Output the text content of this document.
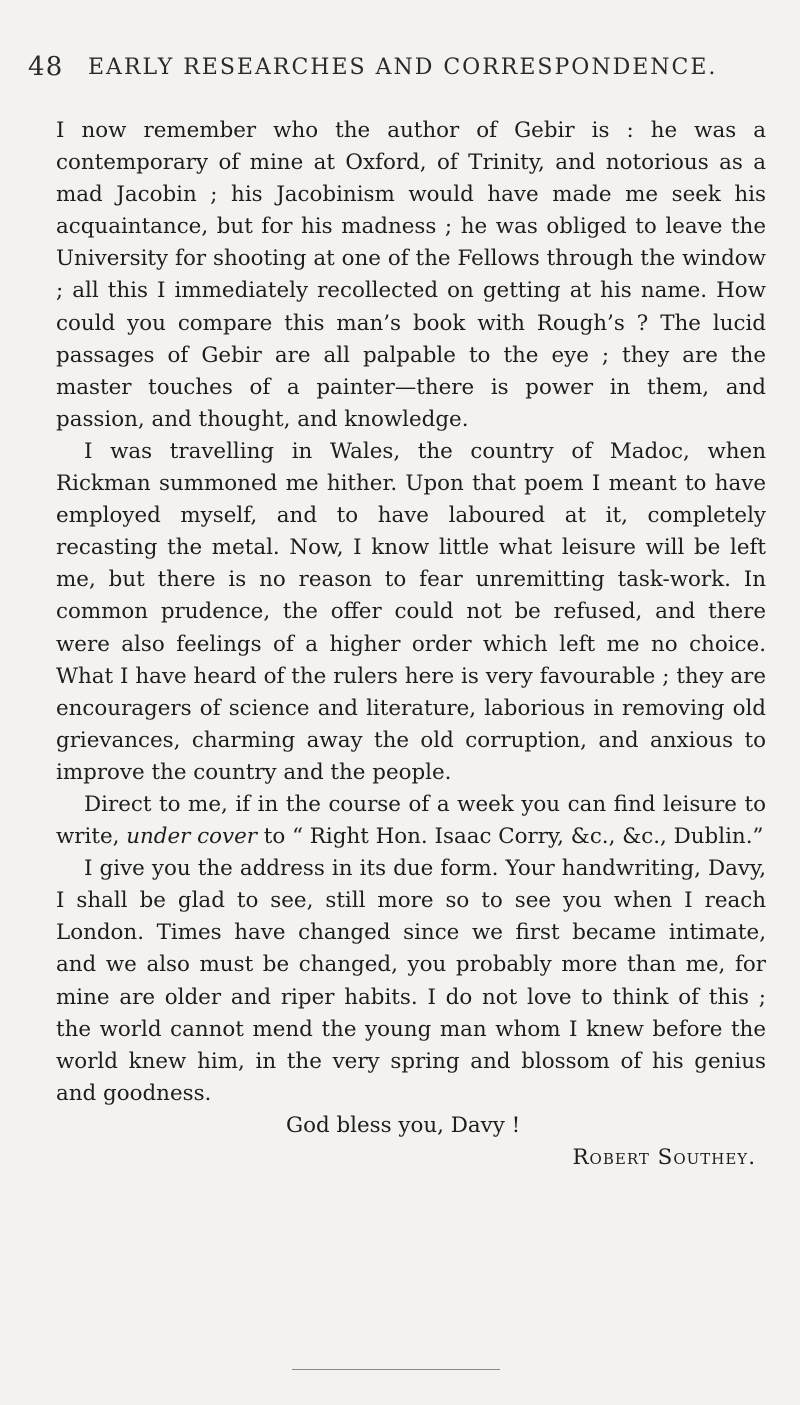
48 EARLY RESEARCHES AND CORRESPONDENCE.

I now remember who the author of Gebir is : he was a contemporary of mine at Oxford, of Trinity, and notorious as a mad Jacobin ; his Jacobinism would have made me seek his acquaintance, but for his madness ; he was obliged to leave the University for shooting at one of the Fellows through the window ; all this I immediately recollected on getting at his name. How could you compare this man’s book with Rough’s ? The lucid passages of Gebir are all palpable to the eye ; they are the master touches of a painter—there is power in them, and passion, and thought, and knowledge.

I was travelling in Wales, the country of Madoc, when Rickman summoned me hither. Upon that poem I meant to have employed myself, and to have laboured at it, completely recasting the metal. Now, I know little what leisure will be left me, but there is no reason to fear unremitting task-work. In common prudence, the offer could not be refused, and there were also feelings of a higher order which left me no choice. What I have heard of the rulers here is very favourable ; they are encouragers of science and literature, laborious in removing old grievances, charming away the old corruption, and anxious to improve the country and the people.

Direct to me, if in the course of a week you can find leisure to write, under cover to “ Right Hon. Isaac Corry, &c., &c., Dublin.”

I give you the address in its due form. Your handwriting, Davy, I shall be glad to see, still more so to see you when I reach London. Times have changed since we first became intimate, and we also must be changed, you probably more than me, for mine are older and riper habits. I do not love to think of this ; the world cannot mend the young man whom I knew before the world knew him, in the very spring and blossom of his genius and goodness.

God bless you, Davy !

Robert Southey.
